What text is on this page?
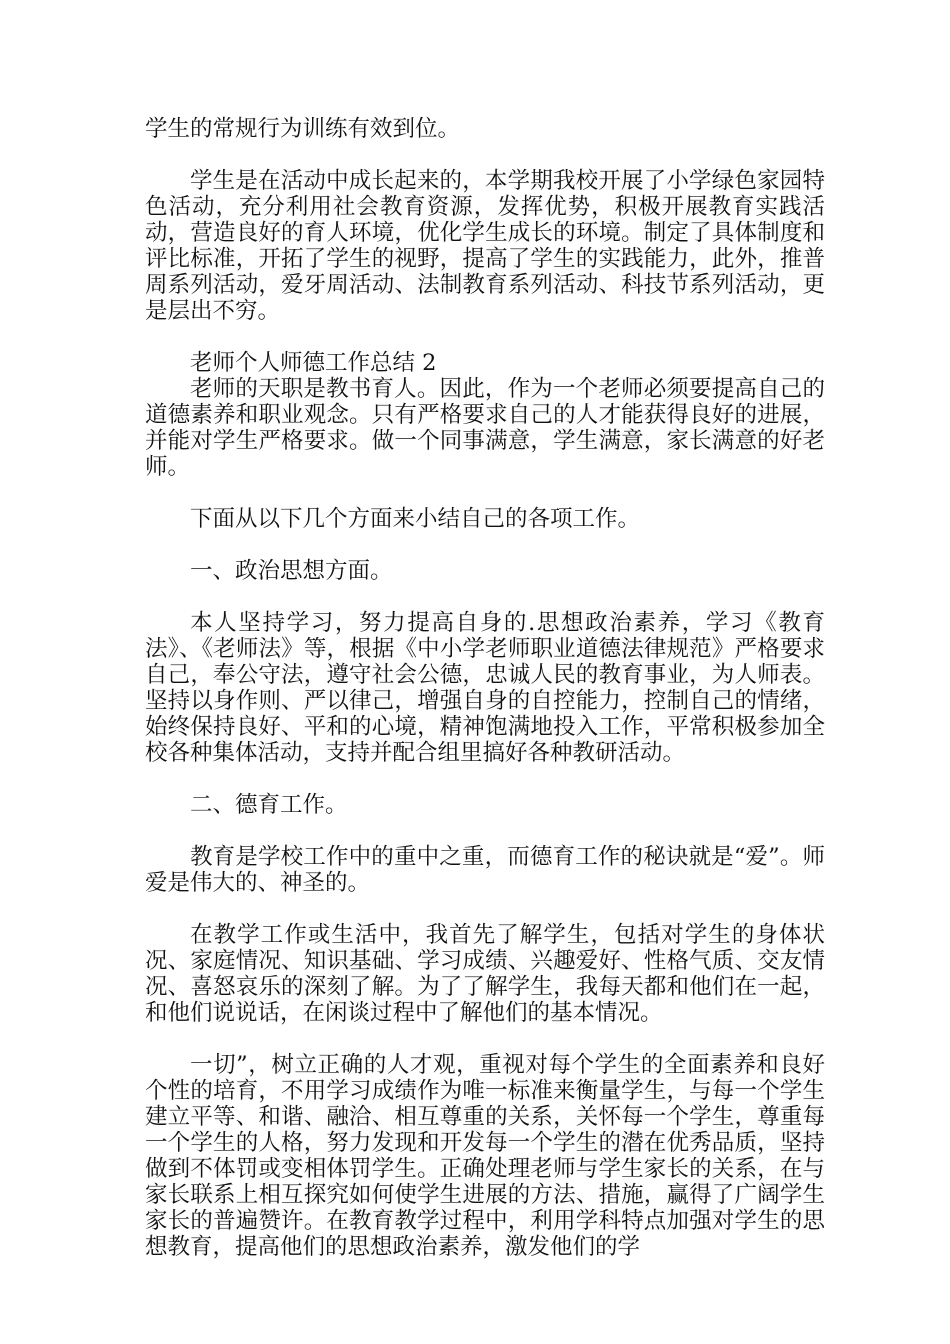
学生的常规行为训练有效到位。

学生是在活动中成长起来的，本学期我校开展了小学绿色家园特色活动，充分利用社会教育资源，发挥优势，积极开展教育实践活动，营造良好的育人环境，优化学生成长的环境。制定了具体制度和评比标准，开拓了学生的视野，提高了学生的实践能力，此外，推普周系列活动，爱牙周活动、法制教育系列活动、科技节系列活动，更是层出不穷。

老师个人师德工作总结 2

老师的天职是教书育人。因此，作为一个老师必须要提高自己的道德素养和职业观念。只有严格要求自己的人才能获得良好的进展，并能对学生严格要求。做一个同事满意，学生满意，家长满意的好老师。

下面从以下几个方面来小结自己的各项工作。

一、政治思想方面。

本人坚持学习，努力提高自身的.思想政治素养，学习《教育法》、《老师法》等，根据《中小学老师职业道德法律规范》严格要求自己，奉公守法，遵守社会公德，忠诚人民的教育事业，为人师表。坚持以身作则、严以律己，增强自身的自控能力，控制自己的情绪，始终保持良好、平和的心境，精神饱满地投入工作，平常积极参加全校各种集体活动，支持并配合组里搞好各种教研活动。

二、德育工作。

教育是学校工作中的重中之重，而德育工作的秘诀就是“爱”。师爱是伟大的、神圣的。

在教学工作或生活中，我首先了解学生，包括对学生的身体状况、家庭情况、知识基础、学习成绩、兴趣爱好、性格气质、交友情况、喜怒哀乐的深刻了解。为了了解学生，我每天都和他们在一起，和他们说说话，在闲谈过程中了解他们的基本情况。

一切”，树立正确的人才观，重视对每个学生的全面素养和良好个性的培育，不用学习成绩作为唯一标准来衡量学生，与每一个学生建立平等、和谐、融洽、相互尊重的关系，关怀每一个学生，尊重每一个学生的人格，努力发现和开发每一个学生的潜在优秀品质，坚持做到不体罚或变相体罚学生。正确处理老师与学生家长的关系，在与家长联系上相互探究如何使学生进展的方法、措施，赢得了广阔学生家长的普遍赞许。在教育教学过程中，利用学科特点加强对学生的思想教育，提高他们的思想政治素养，激发他们的学
